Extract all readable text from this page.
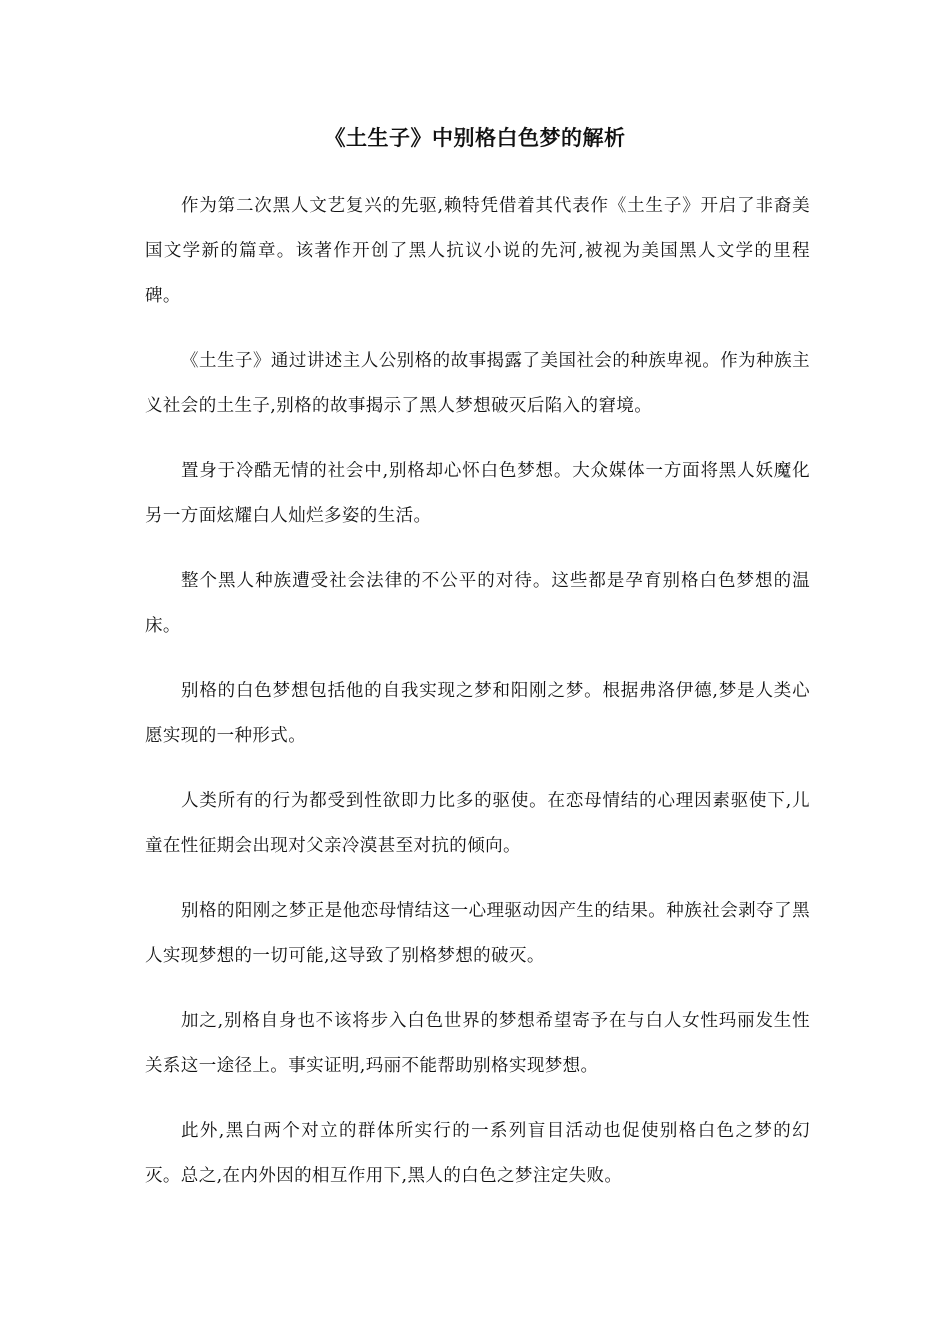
《土生子》中别格白色梦的解析

作为第二次黑人文艺复兴的先驱,赖特凭借着其代表作《土生子》开启了非裔美国文学新的篇章。该著作开创了黑人抗议小说的先河,被视为美国黑人文学的里程碑。

《土生子》通过讲述主人公别格的故事揭露了美国社会的种族卑视。作为种族主义社会的土生子,别格的故事揭示了黑人梦想破灭后陷入的窘境。

置身于冷酷无情的社会中,别格却心怀白色梦想。大众媒体一方面将黑人妖魔化另一方面炫耀白人灿烂多姿的生活。

整个黑人种族遭受社会法律的不公平的对待。这些都是孕育别格白色梦想的温床。

别格的白色梦想包括他的自我实现之梦和阳刚之梦。根据弗洛伊德,梦是人类心愿实现的一种形式。

人类所有的行为都受到性欲即力比多的驱使。在恋母情结的心理因素驱使下,儿童在性征期会出现对父亲冷漠甚至对抗的倾向。

别格的阳刚之梦正是他恋母情结这一心理驱动因产生的结果。种族社会剥夺了黑人实现梦想的一切可能,这导致了别格梦想的破灭。

加之,别格自身也不该将步入白色世界的梦想希望寄予在与白人女性玛丽发生性关系这一途径上。事实证明,玛丽不能帮助别格实现梦想。

此外,黑白两个对立的群体所实行的一系列盲目活动也促使别格白色之梦的幻灭。总之,在内外因的相互作用下,黑人的白色之梦注定失败。
